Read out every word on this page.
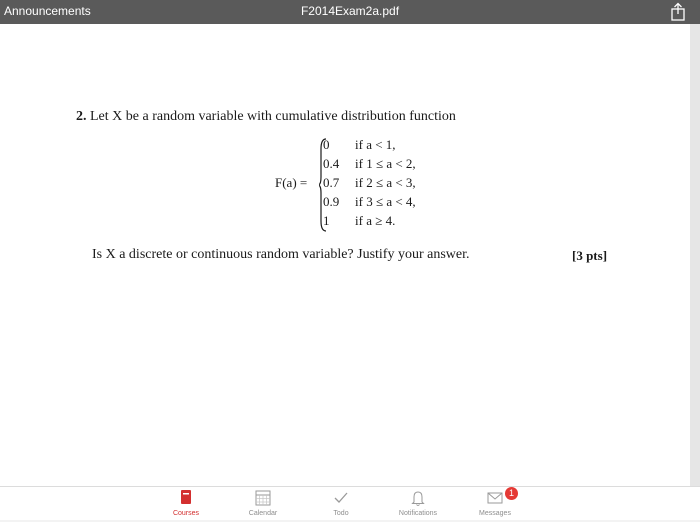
Announcements	F2014Exam2a.pdf
2. Let X be a random variable with cumulative distribution function
F(a) =
0 if a < 1,
0.4 if 1 ≤ a < 2,
0.7 if 2 ≤ a < 3,
0.9 if 3 ≤ a < 4,
1 if a ≥ 4.
Is X a discrete or continuous random variable? Justify your answer.	[3 pts]
Courses	Calendar	Todo	Notifications
1
Messages
